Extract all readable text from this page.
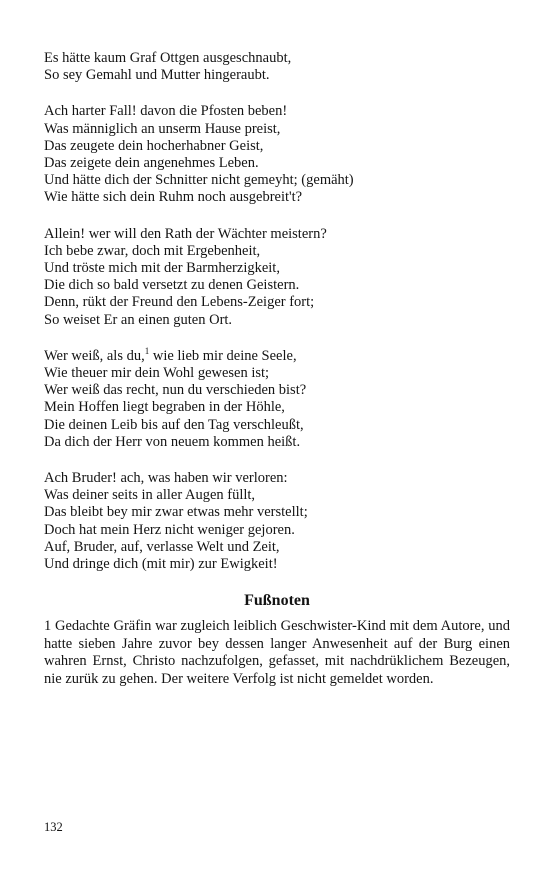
Es hätte kaum Graf Ottgen ausgeschnaubt,
So sey Gemahl und Mutter hingeraubt.
Ach harter Fall! davon die Pfosten beben!
Was männiglich an unserm Hause preist,
Das zeugete dein hocherhabner Geist,
Das zeigete dein angenehmes Leben.
Und hätte dich der Schnitter nicht gemeyht; (gemäht)
Wie hätte sich dein Ruhm noch ausgebreit't?
Allein! wer will den Rath der Wächter meistern?
Ich bebe zwar, doch mit Ergebenheit,
Und tröste mich mit der Barmherzigkeit,
Die dich so bald versetzt zu denen Geistern.
Denn, rükt der Freund den Lebens-Zeiger fort;
So weiset Er an einen guten Ort.
Wer weiß, als du,$^1$ wie lieb mir deine Seele,
Wie theuer mir dein Wohl gewesen ist;
Wer weiß das recht, nun du verschieden bist?
Mein Hoffen liegt begraben in der Höhle,
Die deinen Leib bis auf den Tag verschleußt,
Da dich der Herr von neuem kommen heißt.
Ach Bruder! ach, was haben wir verloren:
Was deiner seits in aller Augen füllt,
Das bleibt bey mir zwar etwas mehr verstellt;
Doch hat mein Herz nicht weniger gejoren.
Auf, Bruder, auf, verlasse Welt und Zeit,
Und dringe dich (mit mir) zur Ewigkeit!
Fußnoten
1 Gedachte Gräfin war zugleich leiblich Geschwister-Kind mit dem Autore, und hatte sieben Jahre zuvor bey dessen langer Anwesenheit auf der Burg einen wahren Ernst, Christo nachzufolgen, gefasset, mit nachdrüklichem Bezeugen, nie zurük zu gehen. Der weitere Verfolg ist nicht gemeldet worden.
132
